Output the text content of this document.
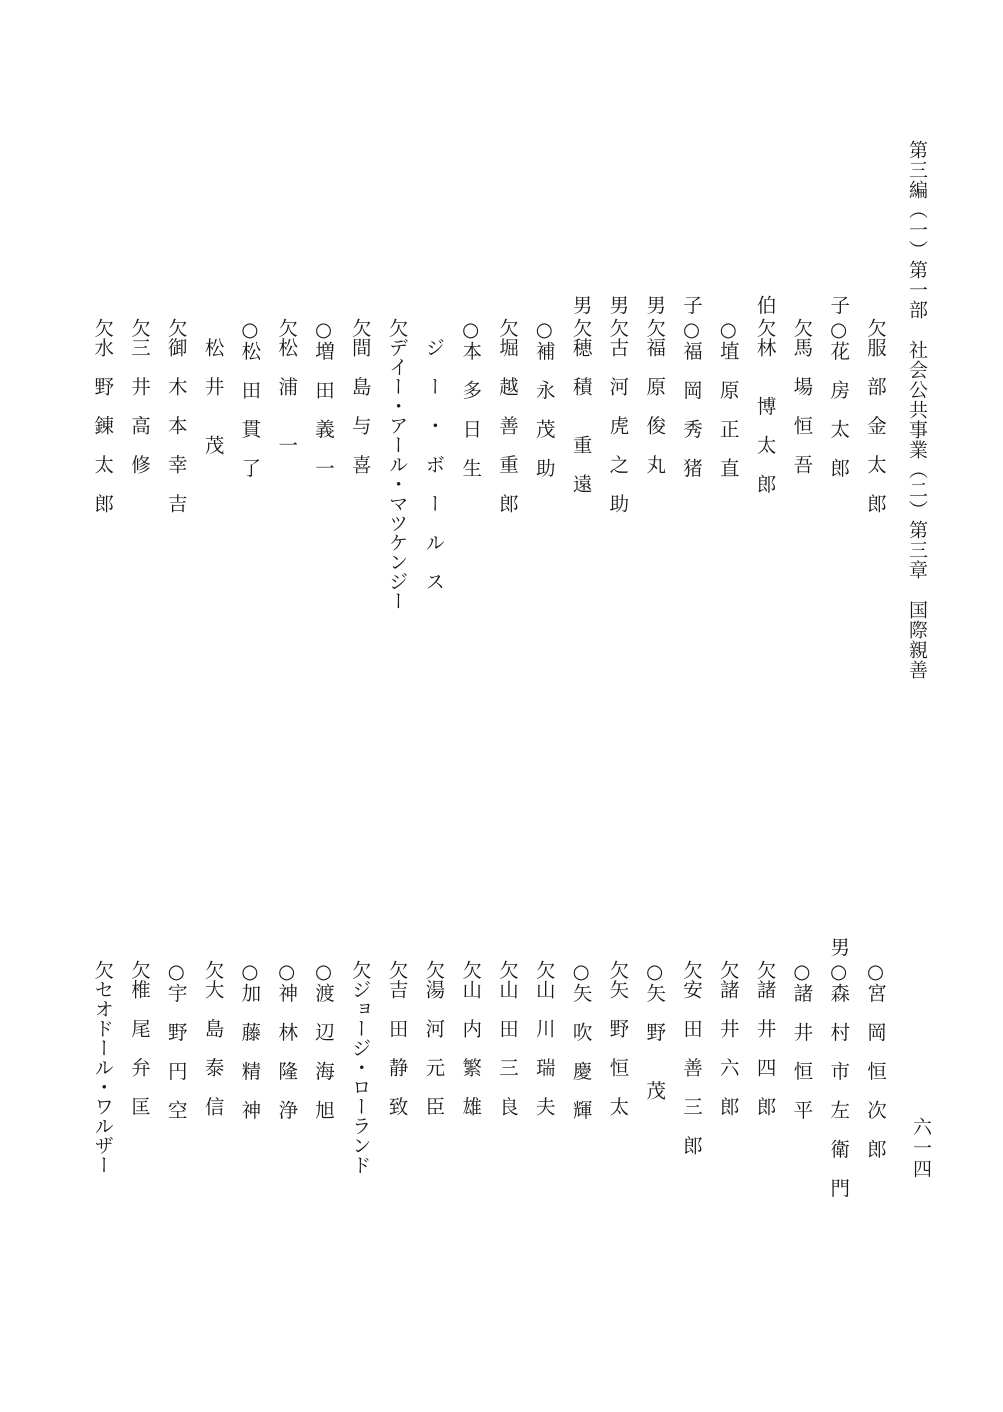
第三編（一）第一部　社会公共事業（二）第三章　国際親善
六一四
欠服　部　金　太　郎
子
○花　房　太　郎
欠馬　場　恒　吾
伯
欠林　　博　太　郎
○埴　原　正　直
子
○福　岡　秀　猪
男
欠福　原　俊　丸
男
欠古　河　虎　之　助
男
欠穂　積　　重　遠
○補　永　茂　助
欠堀　越　善　重　郎
○本　多　日　生
　ジ　ー　・　ボ　ー　ル　ス
欠デイー・アール・マツケンジー
欠間　島　与　喜
○増　田　義　一
欠松　浦　　一
○松　田　貫　了
　松　井　　茂
欠御　木　本　幸　吉
欠三　井　高　修
欠水　野　錬　太　郎
○宮　岡　恒　次　郎
男
○森　村　市　左　衛　門
○諸　井　恒　平
欠諸　井　四　郎
欠諸　井　六　郎
欠安　田　善　三　郎
○矢　野　　茂
欠矢　野　恒　太
○矢　吹　慶　輝
欠山　川　瑞　夫
欠山　田　三　良
欠山　内　繁　雄
欠湯　河　元　臣
欠吉　田　静　致
欠ジョージ・ローランド
○渡　辺　海　旭
○神　林　隆　浄
○加　藤　精　神
欠大　島　泰　信
○宇　野　円　空
欠椎　尾　弁　匡
欠セオドール・ワルザー
